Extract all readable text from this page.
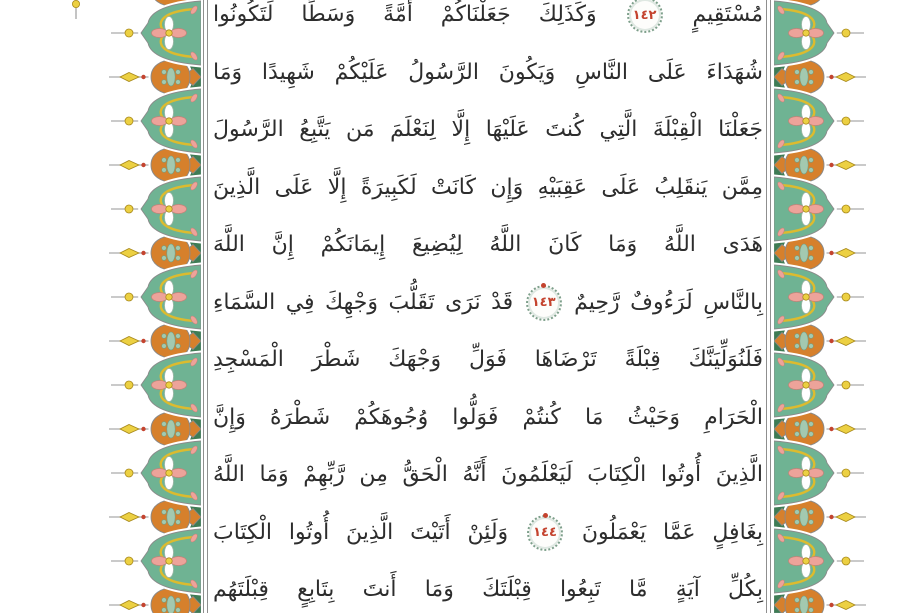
مُسْتَقِيمٍ
١٤٢
وَكَذَلِكَ جَعَلْنَاكُمْ أُمَّةً وَسَطًا لِّتَكُونُوا
شُهَدَاءَ عَلَى النَّاسِ وَيَكُونَ الرَّسُولُ عَلَيْكُمْ شَهِيدًا وَمَا
جَعَلْنَا الْقِبْلَةَ الَّتِي كُنتَ عَلَيْهَا إِلَّا لِنَعْلَمَ مَن يَتَّبِعُ الرَّسُولَ
مِمَّن يَنقَلِبُ عَلَى عَقِبَيْهِ وَإِن كَانَتْ لَكَبِيرَةً إِلَّا عَلَى الَّذِينَ
هَدَى اللَّهُ وَمَا كَانَ اللَّهُ لِيُضِيعَ إِيمَانَكُمْ إِنَّ اللَّهَ
بِالنَّاسِ لَرَءُوفٌ رَّحِيمٌ
١٤٣
قَدْ نَرَى تَقَلُّبَ وَجْهِكَ فِي السَّمَاءِ
فَلَنُوَلِّيَنَّكَ قِبْلَةً تَرْضَاهَا فَوَلِّ وَجْهَكَ شَطْرَ الْمَسْجِدِ
الْحَرَامِ وَحَيْثُ مَا كُنتُمْ فَوَلُّوا وُجُوهَكُمْ شَطْرَهُ وَإِنَّ
الَّذِينَ أُوتُوا الْكِتَابَ لَيَعْلَمُونَ أَنَّهُ الْحَقُّ مِن رَّبِّهِمْ وَمَا اللَّهُ
بِغَافِلٍ عَمَّا يَعْمَلُونَ
١٤٤
وَلَئِنْ أَتَيْتَ الَّذِينَ أُوتُوا الْكِتَابَ
بِكُلِّ آيَةٍ مَّا تَبِعُوا قِبْلَتَكَ وَمَا أَنتَ بِتَابِعٍ قِبْلَتَهُم
